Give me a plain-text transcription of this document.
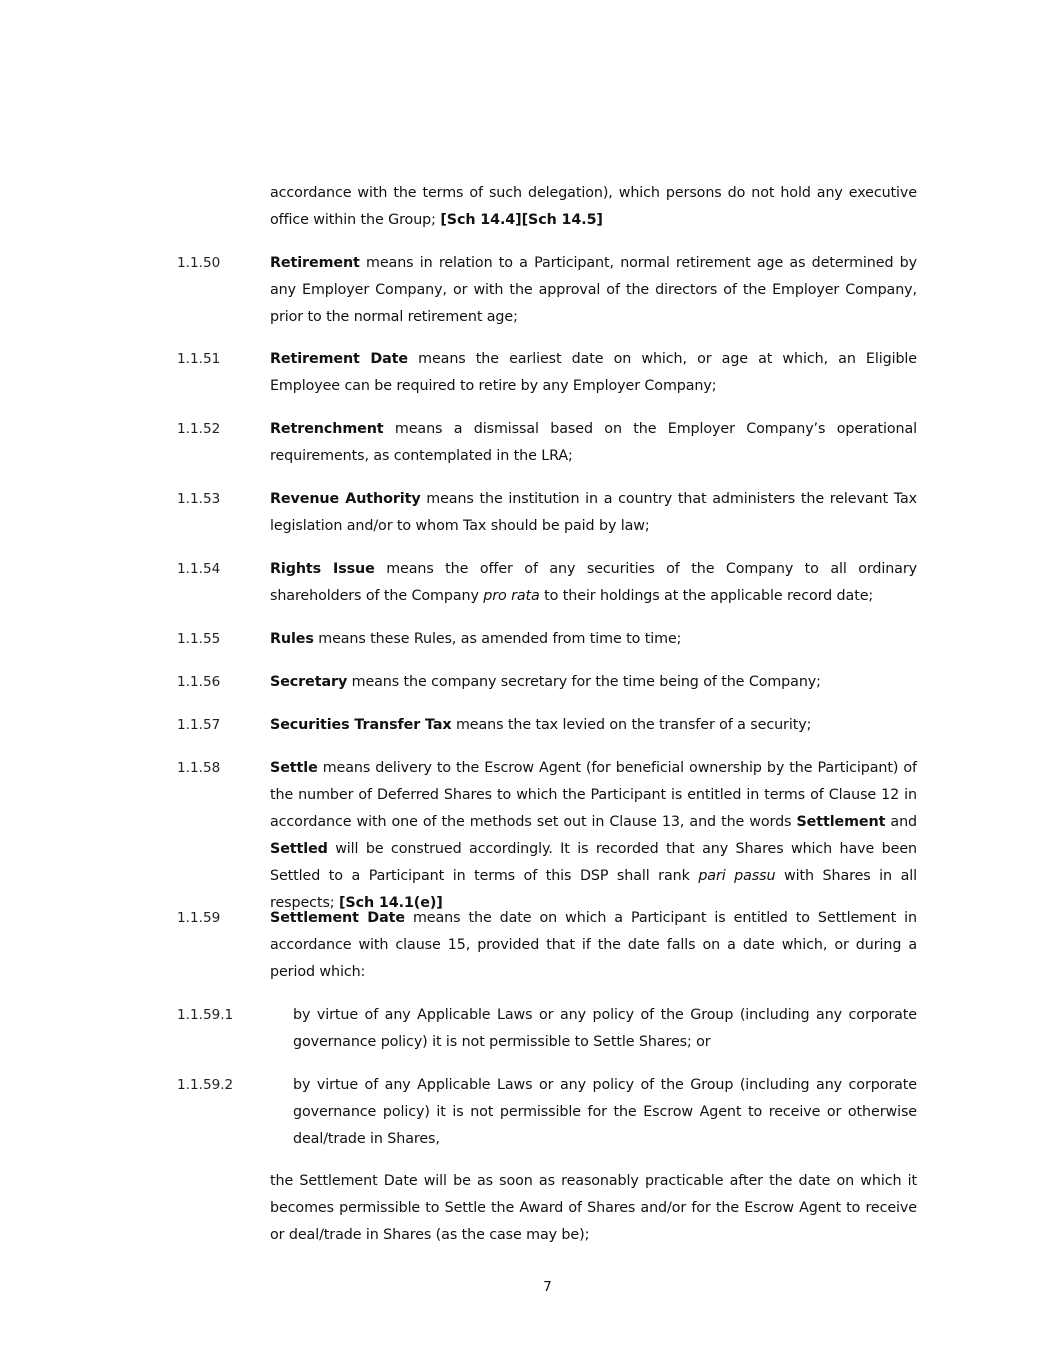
accordance with the terms of such delegation), which persons do not hold any executive office within the Group; [Sch 14.4][Sch 14.5]
1.1.50	Retirement means in relation to a Participant, normal retirement age as determined by any Employer Company, or with the approval of the directors of the Employer Company, prior to the normal retirement age;
1.1.51	Retirement Date means the earliest date on which, or age at which, an Eligible Employee can be required to retire by any Employer Company;
1.1.52	Retrenchment means a dismissal based on the Employer Company’s operational requirements, as contemplated in the LRA;
1.1.53	Revenue Authority means the institution in a country that administers the relevant Tax legislation and/or to whom Tax should be paid by law;
1.1.54	Rights Issue means the offer of any securities of the Company to all ordinary shareholders of the Company pro rata to their holdings at the applicable record date;
1.1.55	Rules means these Rules, as amended from time to time;
1.1.56	Secretary means the company secretary for the time being of the Company;
1.1.57	Securities Transfer Tax means the tax levied on the transfer of a security;
1.1.58	Settle means delivery to the Escrow Agent (for beneficial ownership by the Participant) of the number of Deferred Shares to which the Participant is entitled in terms of Clause 12 in accordance with one of the methods set out in Clause 13, and the words Settlement and Settled will be construed accordingly. It is recorded that any Shares which have been Settled to a Participant in terms of this DSP shall rank pari passu with Shares in all respects; [Sch 14.1(e)]
1.1.59	Settlement Date means the date on which a Participant is entitled to Settlement in accordance with clause 15, provided that if the date falls on a date which, or during a period which:
1.1.59.1	by virtue of any Applicable Laws or any policy of the Group (including any corporate governance policy) it is not permissible to Settle Shares; or
1.1.59.2	by virtue of any Applicable Laws or any policy of the Group (including any corporate governance policy) it is not permissible for the Escrow Agent to receive or otherwise deal/trade in Shares,
the Settlement Date will be as soon as reasonably practicable after the date on which it becomes permissible to Settle the Award of Shares and/or for the Escrow Agent to receive or deal/trade in Shares (as the case may be);
7
